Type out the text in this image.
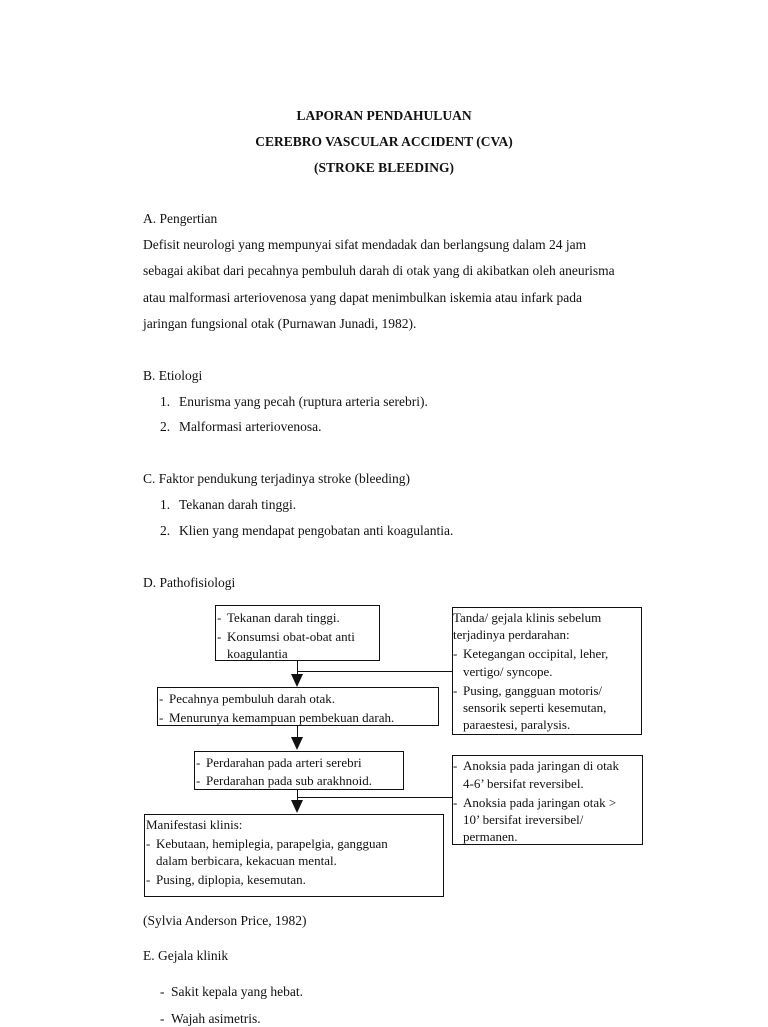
LAPORAN PENDAHULUAN
CEREBRO VASCULAR ACCIDENT (CVA)
(STROKE BLEEDING)
A. Pengertian
Defisit neurologi yang mempunyai sifat mendadak dan berlangsung dalam 24 jam
sebagai akibat dari pecahnya pembuluh darah di otak yang di akibatkan oleh aneurisma
atau malformasi arteriovenosa yang dapat menimbulkan iskemia atau infark pada
jaringan fungsional otak (Purnawan Junadi, 1982).
B. Etiologi
1. Enurisma yang pecah (ruptura arteria serebri).
2. Malformasi arteriovenosa.
C. Faktor pendukung terjadinya stroke (bleeding)
1. Tekanan darah tinggi.
2. Klien yang mendapat pengobatan anti koagulantia.
D. Pathofisiologi
- Tekanan darah tinggi.
- Konsumsi obat-obat anti
koagulantia
- Pecahnya pembuluh darah otak.
- Menurunya kemampuan pembekuan darah.
- Perdarahan pada arteri serebri
- Perdarahan pada sub arakhnoid.
Manifestasi klinis:
- Kebutaan, hemiplegia, parapelgia, gangguan
dalam berbicara, kekacuan mental.
- Pusing, diplopia, kesemutan.
Tanda/ gejala klinis sebelum
terjadinya perdarahan:
- Ketegangan occipital, leher,
vertigo/ syncope.
- Pusing, gangguan motoris/
sensorik seperti kesemutan,
paraestesi, paralysis.
- Anoksia pada jaringan di otak
4-6’ bersifat reversibel.
- Anoksia pada jaringan otak >
10’ bersifat ireversibel/
permanen.
(Sylvia Anderson Price, 1982)
E. Gejala klinik
- Sakit kepala yang hebat.
- Wajah asimetris.
